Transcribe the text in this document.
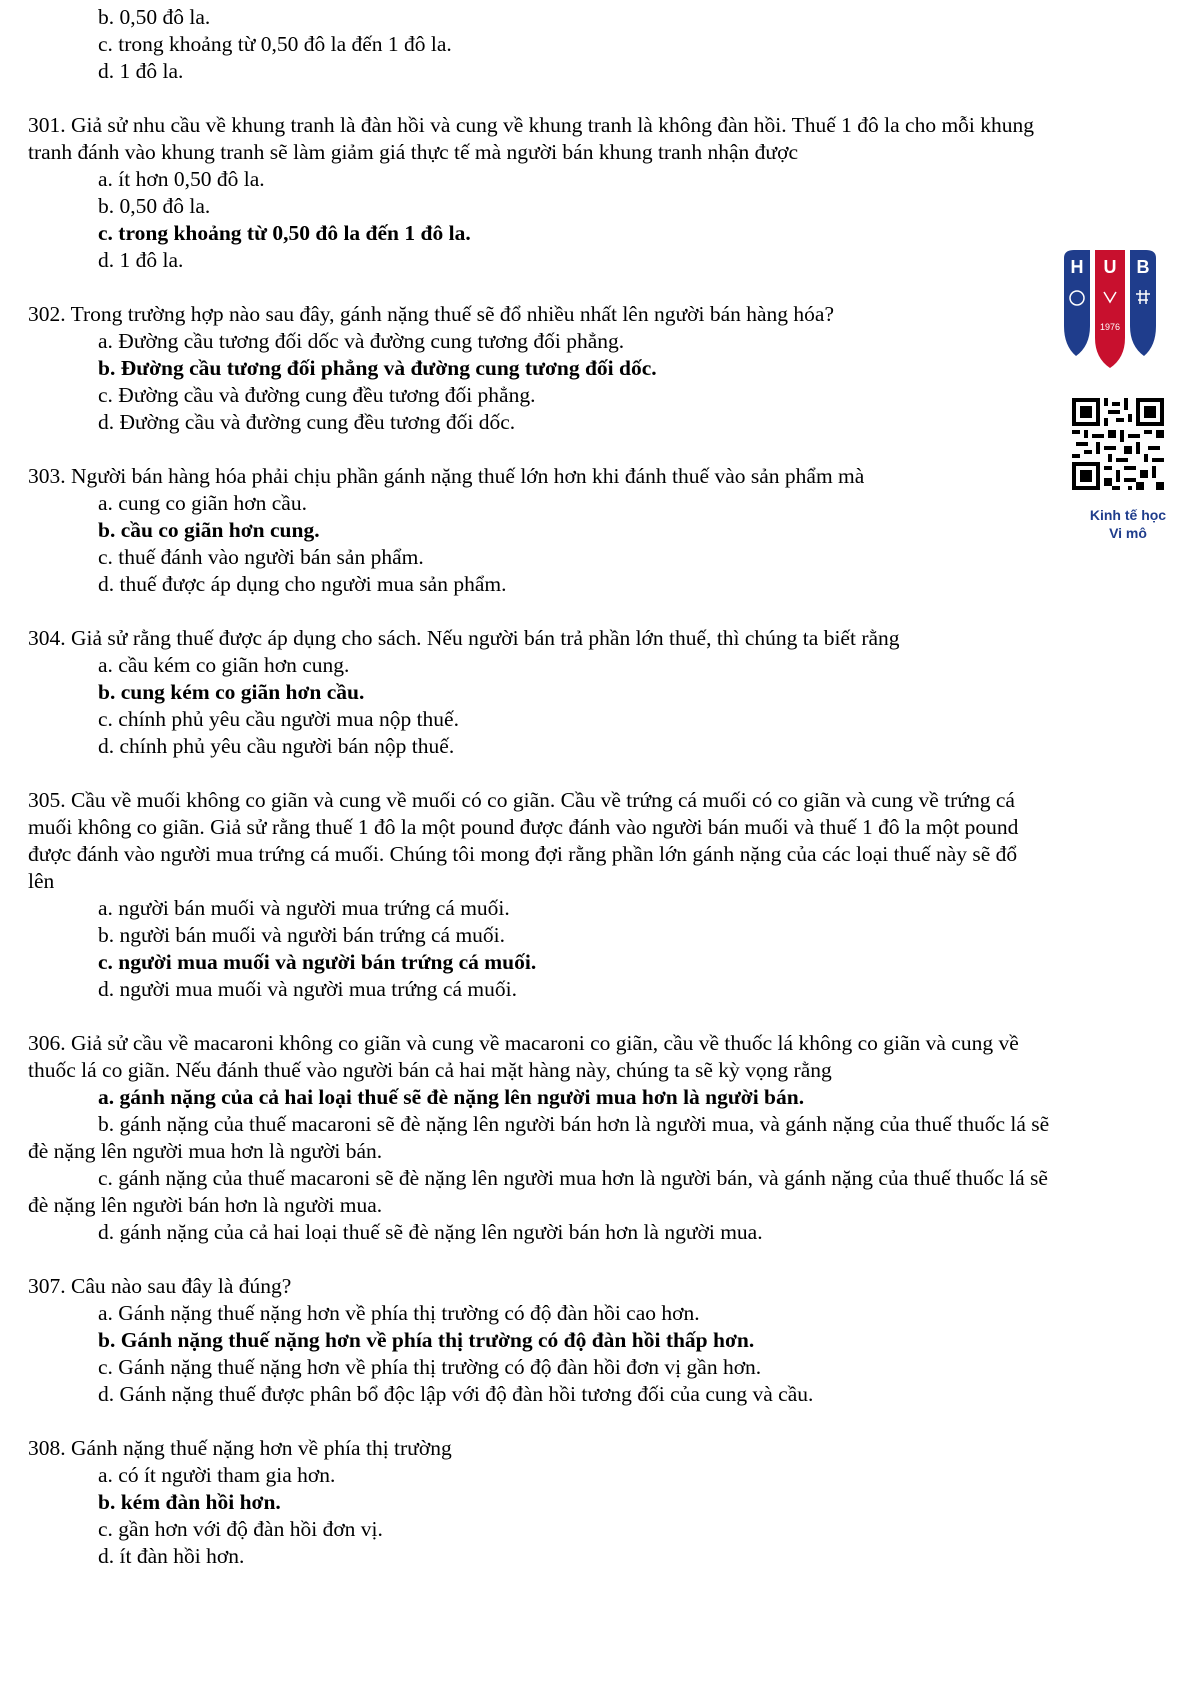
b. 0,50 đô la.
c. trong khoảng từ 0,50 đô la đến 1 đô la.
d. 1 đô la.
301. Giả sử nhu cầu về khung tranh là đàn hồi và cung về khung tranh là không đàn hồi. Thuế 1 đô la cho mỗi khung
tranh đánh vào khung tranh sẽ làm giảm giá thực tế mà người bán khung tranh nhận được
a. ít hơn 0,50 đô la.
b. 0,50 đô la.
c. trong khoảng từ 0,50 đô la đến 1 đô la.
d. 1 đô la.
302. Trong trường hợp nào sau đây, gánh nặng thuế sẽ đổ nhiều nhất lên người bán hàng hóa?
a. Đường cầu tương đối dốc và đường cung tương đối phẳng.
b. Đường cầu tương đối phẳng và đường cung tương đối dốc.
c. Đường cầu và đường cung đều tương đối phẳng.
d. Đường cầu và đường cung đều tương đối dốc.
303. Người bán hàng hóa phải chịu phần gánh nặng thuế lớn hơn khi đánh thuế vào sản phẩm mà
a. cung co giãn hơn cầu.
b. cầu co giãn hơn cung.
c. thuế đánh vào người bán sản phẩm.
d. thuế được áp dụng cho người mua sản phẩm.
304. Giả sử rằng thuế được áp dụng cho sách. Nếu người bán trả phần lớn thuế, thì chúng ta biết rằng
a. cầu kém co giãn hơn cung.
b. cung kém co giãn hơn cầu.
c. chính phủ yêu cầu người mua nộp thuế.
d. chính phủ yêu cầu người bán nộp thuế.
305. Cầu về muối không co giãn và cung về muối có co giãn. Cầu về trứng cá muối có co giãn và cung về trứng cá
muối không co giãn. Giả sử rằng thuế 1 đô la một pound được đánh vào người bán muối và thuế 1 đô la một pound
được đánh vào người mua trứng cá muối. Chúng tôi mong đợi rằng phần lớn gánh nặng của các loại thuế này sẽ đổ
lên
a. người bán muối và người mua trứng cá muối.
b. người bán muối và người bán trứng cá muối.
c. người mua muối và người bán trứng cá muối.
d. người mua muối và người mua trứng cá muối.
306. Giả sử cầu về macaroni không co giãn và cung về macaroni co giãn, cầu về thuốc lá không co giãn và cung về
thuốc lá co giãn. Nếu đánh thuế vào người bán cả hai mặt hàng này, chúng ta sẽ kỳ vọng rằng
a. gánh nặng của cả hai loại thuế sẽ đè nặng lên người mua hơn là người bán.
b. gánh nặng của thuế macaroni sẽ đè nặng lên người bán hơn là người mua, và gánh nặng của thuế thuốc lá sẽ
đè nặng lên người mua hơn là người bán.
c. gánh nặng của thuế macaroni sẽ đè nặng lên người mua hơn là người bán, và gánh nặng của thuế thuốc lá sẽ
đè nặng lên người bán hơn là người mua.
d. gánh nặng của cả hai loại thuế sẽ đè nặng lên người bán hơn là người mua.
307. Câu nào sau đây là đúng?
a. Gánh nặng thuế nặng hơn về phía thị trường có độ đàn hồi cao hơn.
b. Gánh nặng thuế nặng hơn về phía thị trường có độ đàn hồi thấp hơn.
c. Gánh nặng thuế nặng hơn về phía thị trường có độ đàn hồi đơn vị gần hơn.
d. Gánh nặng thuế được phân bổ độc lập với độ đàn hồi tương đối của cung và cầu.
308. Gánh nặng thuế nặng hơn về phía thị trường
a. có ít người tham gia hơn.
b. kém đàn hồi hơn.
c. gần hơn với độ đàn hồi đơn vị.
d. ít đàn hồi hơn.
H U B
1976
Kinh tế học
Vi mô
